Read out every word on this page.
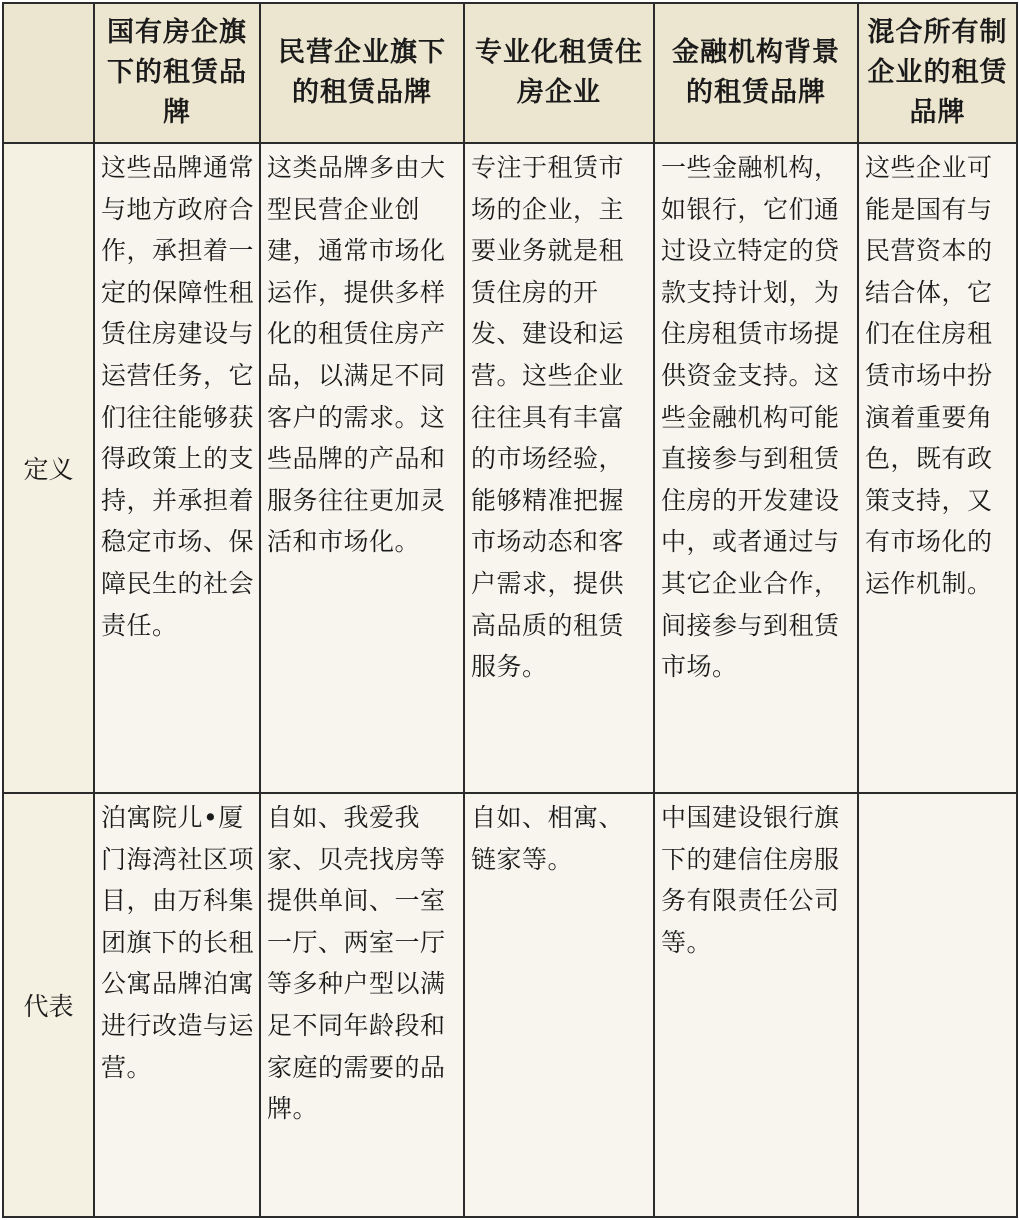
	国有房企旗下的租赁品牌	民营企业旗下的租赁品牌	专业化租赁住房企业	金融机构背景的租赁品牌	混合所有制企业的租赁品牌
定义	这些品牌通常与地方政府合作，承担着一定的保障性租赁住房建设与运营任务，它们往往能够获得政策上的支持，并承担着稳定市场、保障民生的社会责任。	这类品牌多由大型民营企业创建，通常市场化运作，提供多样化的租赁住房产品，以满足不同客户的需求。这些品牌的产品和服务往往更加灵活和市场化。	专注于租赁市场的企业，主要业务就是租赁住房的开发、建设和运营。这些企业往往具有丰富的市场经验，能够精准把握市场动态和客户需求，提供高品质的租赁服务。	一些金融机构，如银行，它们通过设立特定的贷款支持计划，为住房租赁市场提供资金支持。这些金融机构可能直接参与到租赁住房的开发建设中，或者通过与其它企业合作，间接参与到租赁市场。	这些企业可能是国有与民营资本的结合体，它们在住房租赁市场中扮演着重要角色，既有政策支持，又有市场化的运作机制。
代表	泊寓院儿•厦门海湾社区项目，由万科集团旗下的长租公寓品牌泊寓进行改造与运营。	自如、我爱我家、贝壳找房等提供单间、一室一厅、两室一厅等多种户型以满足不同年龄段和家庭的需要的品牌。	自如、相寓、链家等。	中国建设银行旗下的建信住房服务有限责任公司等。	
